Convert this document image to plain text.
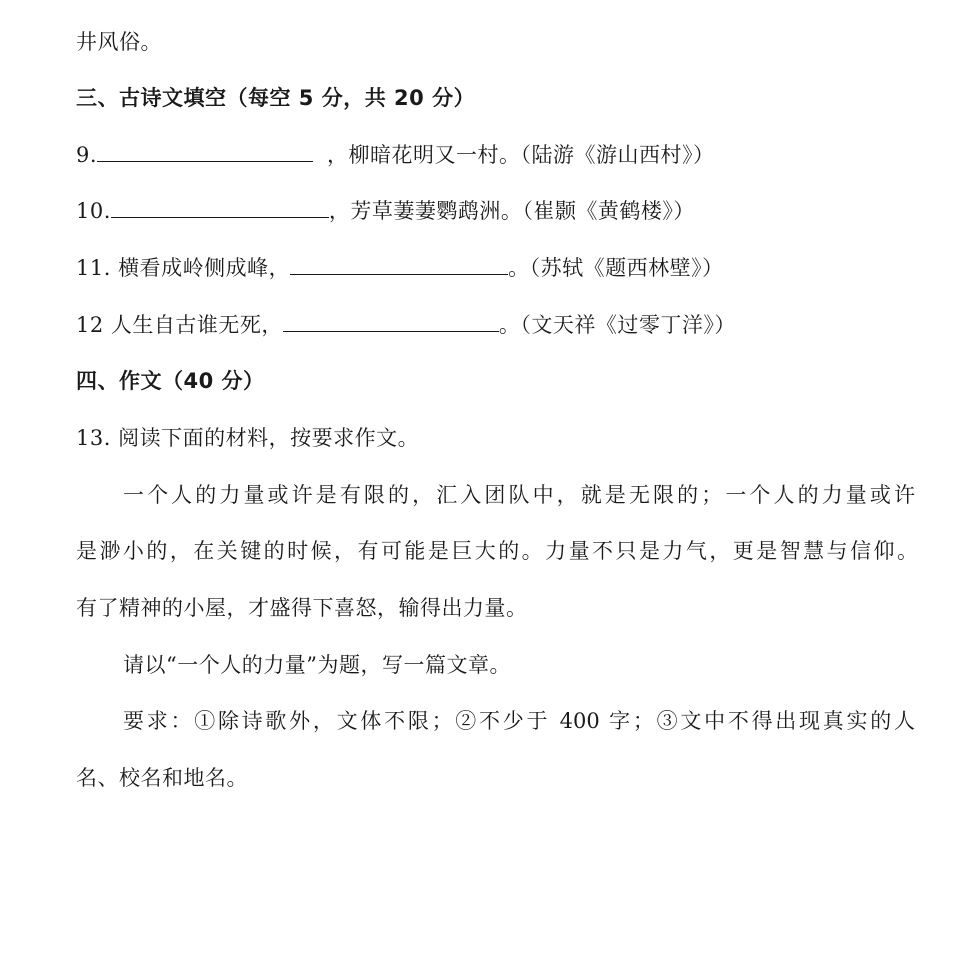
井风俗。
三、古诗文填空（每空 5 分，共 20 分）
9.	，柳暗花明又一村。（陆游《游山西村》）
10.	，芳草萋萋鹦鹉洲。（崔颢《黄鹤楼》）
11. 横看成岭侧成峰，	。（苏轼《题西林壁》）
12 人生自古谁无死，	。（文天祥《过零丁洋》）
四、作文（40 分）
13. 阅读下面的材料，按要求作文。
一个人的力量或许是有限的，汇入团队中，就是无限的；一个人的力量或许
是渺小的，在关键的时候，有可能是巨大的。力量不只是力气，更是智慧与信仰。
有了精神的小屋，才盛得下喜怒，输得出力量。
请以“一个人的力量”为题，写一篇文章。
要求：①除诗歌外，文体不限；②不少于 400 字；③文中不得出现真实的人
名、校名和地名。
